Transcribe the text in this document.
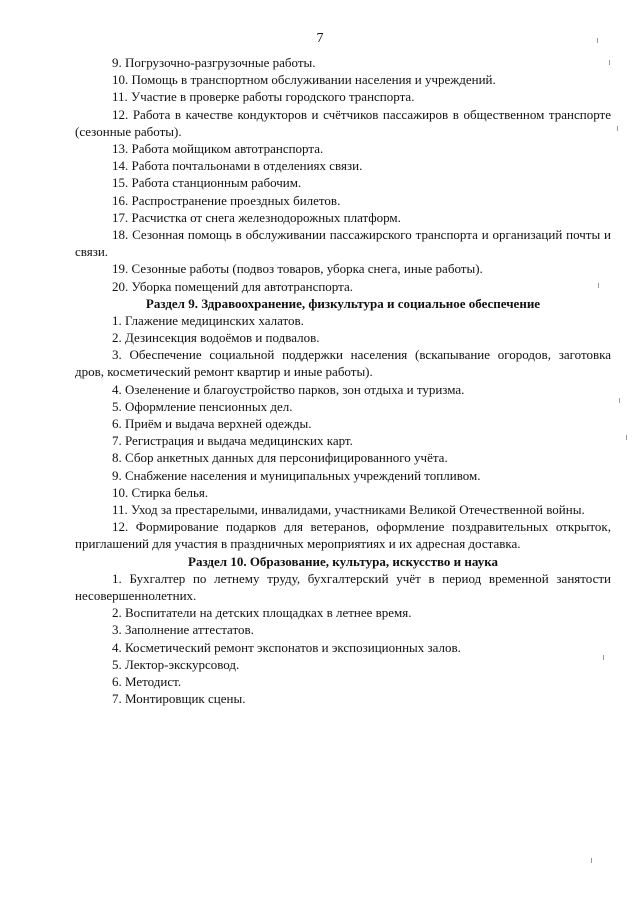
7

9. Погрузочно-разгрузочные работы.

10. Помощь в транспортном обслуживании населения и учреждений.

11. Участие в проверке работы городского транспорта.

12. Работа в качестве кондукторов и счётчиков пассажиров в общественном транспорте (сезонные работы).

13. Работа мойщиком автотранспорта.

14. Работа почтальонами в отделениях связи.

15. Работа станционным рабочим.

16. Распространение проездных билетов.

17. Расчистка от снега железнодорожных платформ.

18. Сезонная помощь в обслуживании пассажирского транспорта и организаций почты и связи.

19. Сезонные работы (подвоз товаров, уборка снега, иные работы).

20. Уборка помещений для автотранспорта.

Раздел 9. Здравоохранение, физкультура и социальное обеспечение

1. Глажение медицинских халатов.

2. Дезинсекция водоёмов и подвалов.

3. Обеспечение социальной поддержки населения (вскапывание огородов, заготовка дров, косметический ремонт квартир и иные работы).

4. Озеленение и благоустройство парков, зон отдыха и туризма.

5. Оформление пенсионных дел.

6. Приём и выдача верхней одежды.

7. Регистрация и выдача медицинских карт.

8. Сбор анкетных данных для персонифицированного учёта.

9. Снабжение населения и муниципальных учреждений топливом.

10. Стирка белья.

11. Уход за престарелыми, инвалидами, участниками Великой Отечественной войны.

12. Формирование подарков для ветеранов, оформление поздравительных открыток, приглашений для участия в праздничных мероприятиях и их адресная доставка.

Раздел 10. Образование, культура, искусство и наука

1. Бухгалтер по летнему труду, бухгалтерский учёт в период временной занятости несовершеннолетних.

2. Воспитатели на детских площадках в летнее время.

3. Заполнение аттестатов.

4. Косметический ремонт экспонатов и экспозиционных залов.

5. Лектор-экскурсовод.

6. Методист.

7. Монтировщик сцены.
